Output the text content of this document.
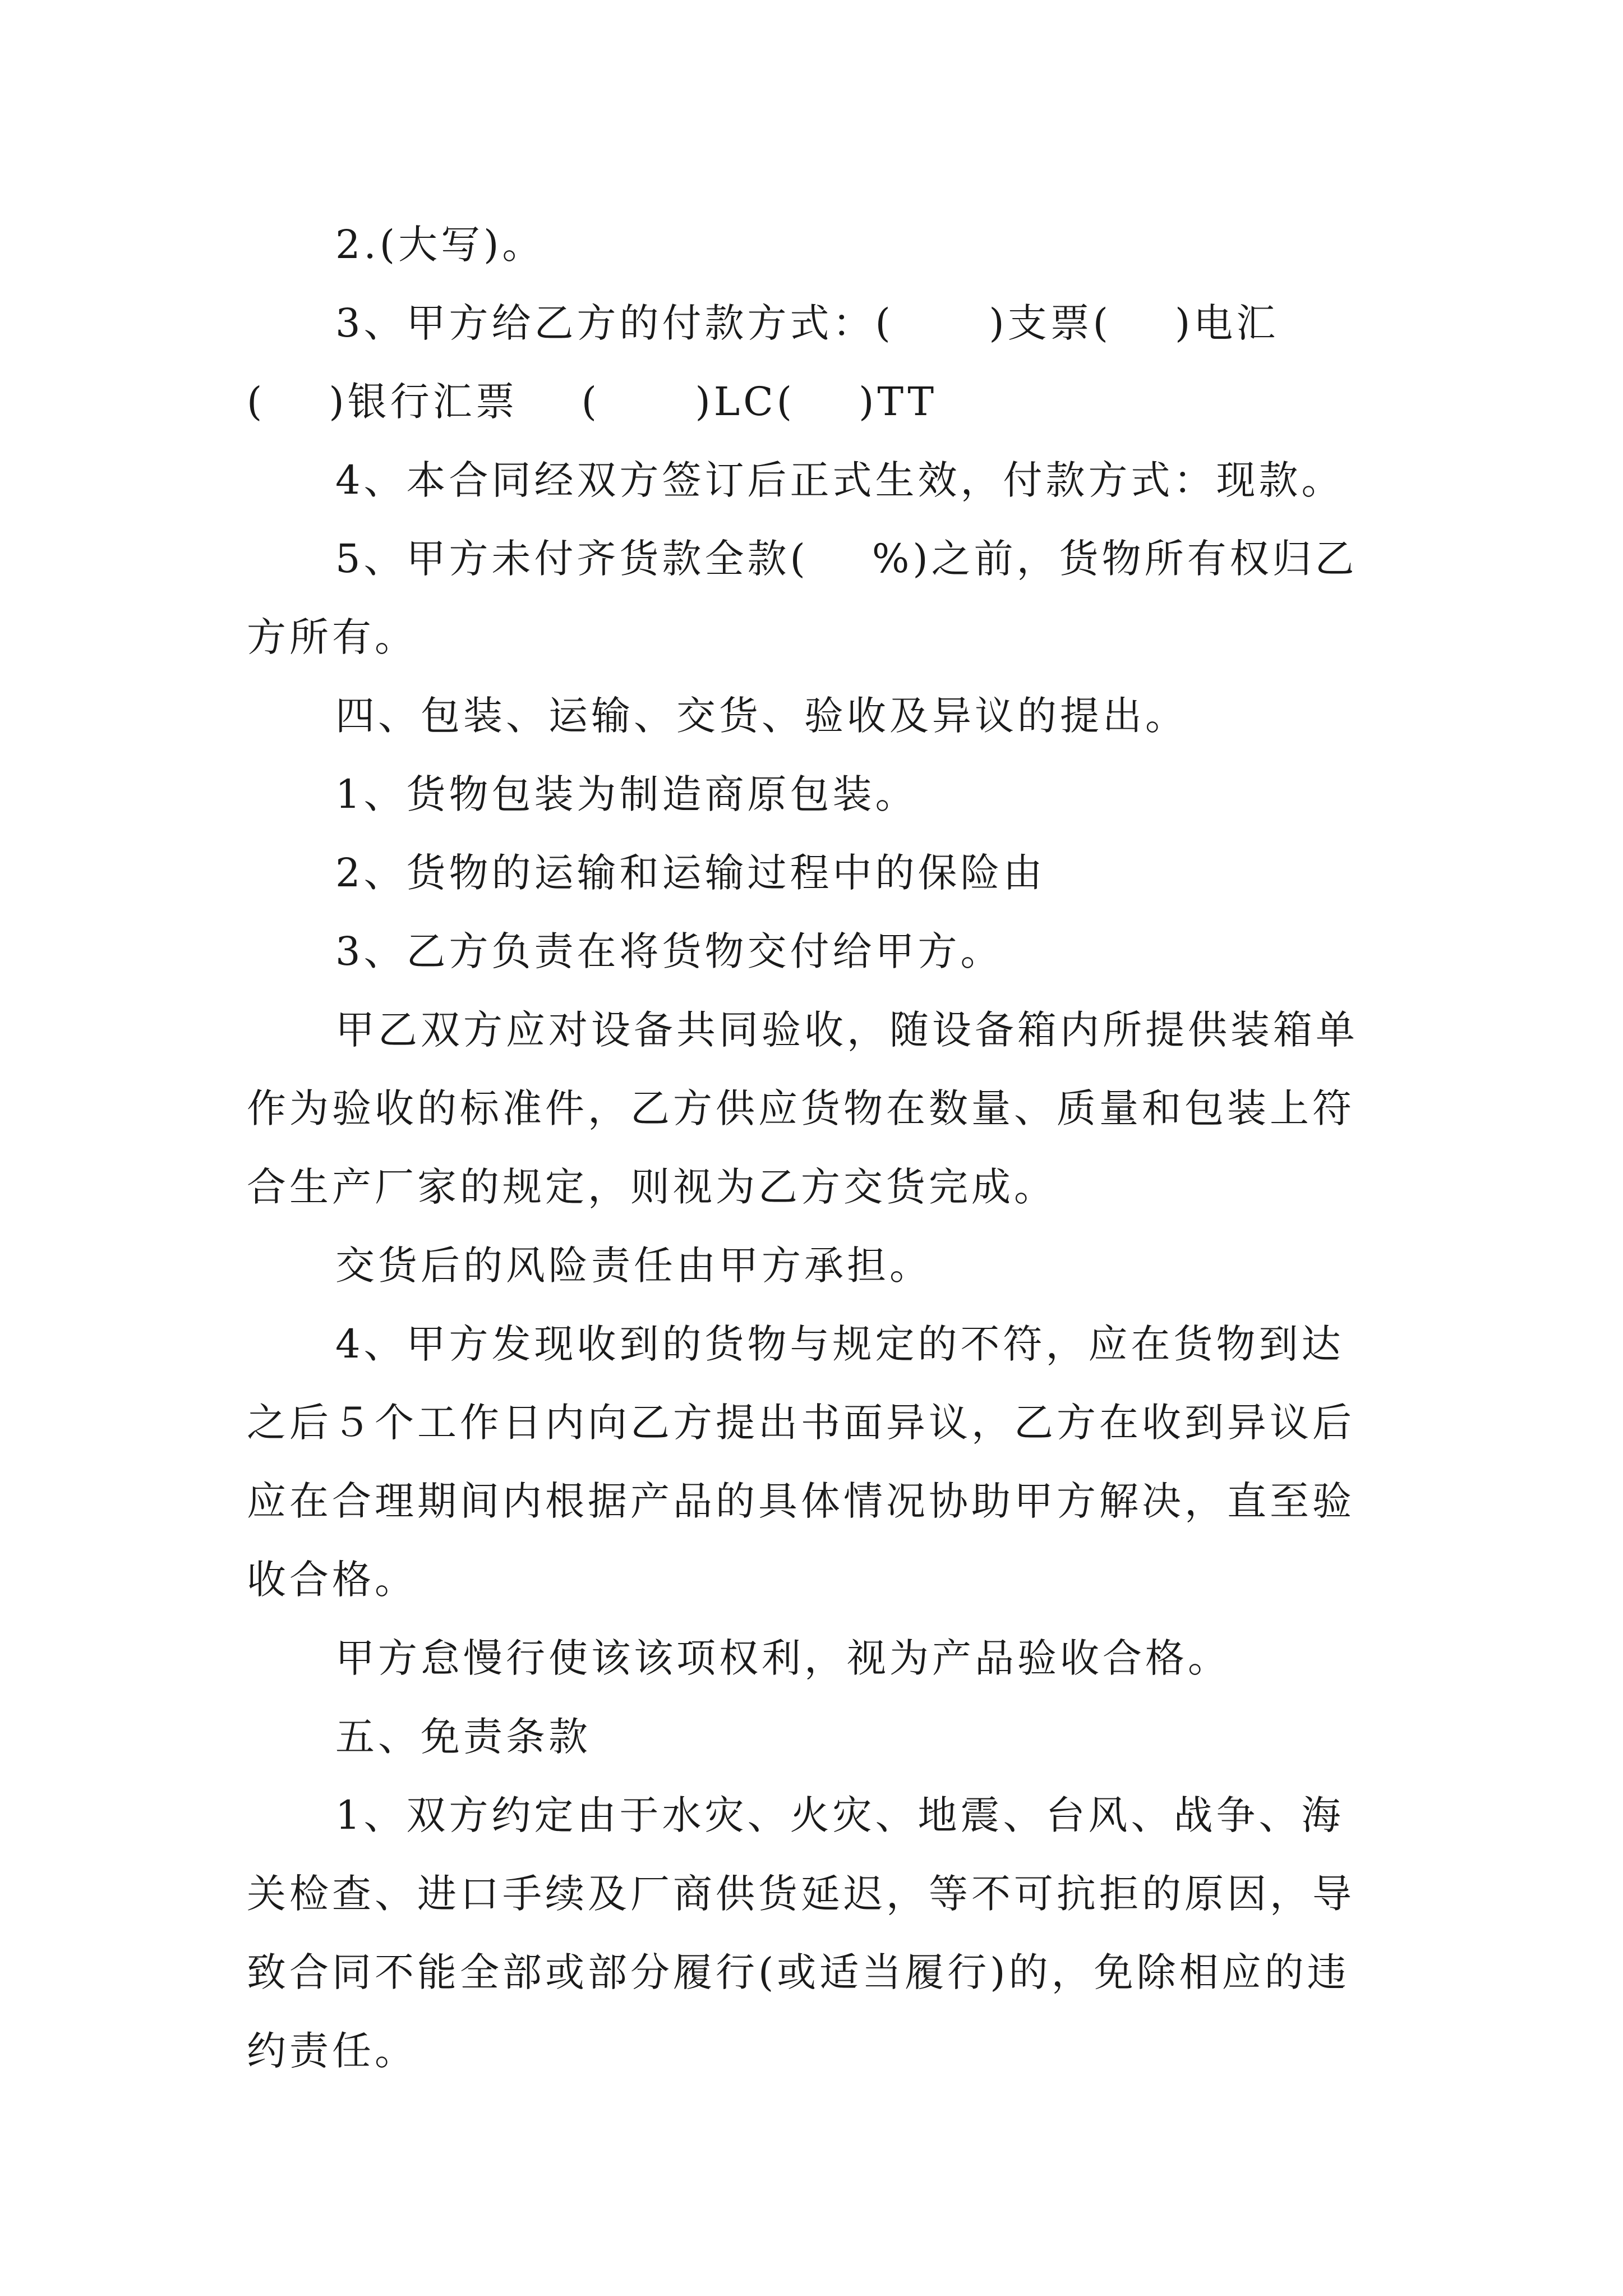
2.(大写)。
3、甲方给乙方的付款方式：(      )支票(    )电汇
(    )银行汇票    (      )LC(    )TT
4、本合同经双方签订后正式生效，付款方式：现款。
5、甲方未付齐货款全款(    %)之前，货物所有权归乙
方所有。
四、包装、运输、交货、验收及异议的提出。
1、货物包装为制造商原包装。
2、货物的运输和运输过程中的保险由
3、乙方负责在将货物交付给甲方。
甲乙双方应对设备共同验收，随设备箱内所提供装箱单
作为验收的标准件，乙方供应货物在数量、质量和包装上符
合生产厂家的规定，则视为乙方交货完成。
交货后的风险责任由甲方承担。
4、甲方发现收到的货物与规定的不符，应在货物到达
之后５个工作日内向乙方提出书面异议，乙方在收到异议后
应在合理期间内根据产品的具体情况协助甲方解决，直至验
收合格。
甲方怠慢行使该该项权利，视为产品验收合格。
五、免责条款
1、双方约定由于水灾、火灾、地震、台风、战争、海
关检查、进口手续及厂商供货延迟，等不可抗拒的原因，导
致合同不能全部或部分履行(或适当履行)的，免除相应的违
约责任。
